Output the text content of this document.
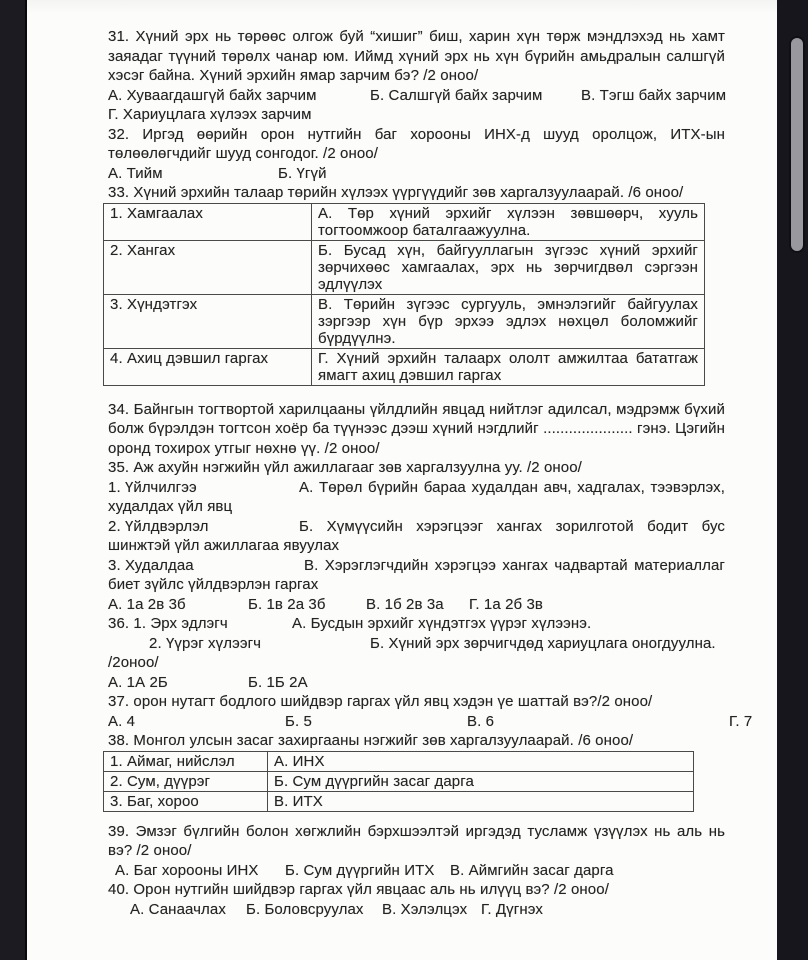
31. Хүний эрх нь төрөөс олгож буй “хишиг” биш, харин хүн төрж мэндлэхэд нь хамт заяадаг түүний төрөлх чанар юм. Иймд хүний эрх нь хүн бүрийн амьдралын салшгүй хэсэг байна. Хүний эрхийн ямар зарчим бэ? /2 оноо/

А. Хуваагдашгүй байх зарчим	Б. Салшгүй байх зарчим	В. Тэгш байх зарчим

Г. Хариуцлага хүлээх зарчим

32. Иргэд өөрийн орон нутгийн баг хорооны ИНХ-д шууд оролцож, ИТХ-ын төлөөлөгчдийг шууд сонгодог. /2 оноо/

А. Тийм	Б. Үгүй

33. Хүний эрхийн талаар төрийн хүлээх үүргүүдийг зөв харгалзуулаарай. /6 оноо/

1. Хамгаалах	А. Төр хүний эрхийг хүлээн зөвшөөрч, хууль тогтоомжоор баталгаажуулна.
2. Хангах	Б. Бусад хүн, байгууллагын зүгээс хүний эрхийг зөрчихөөс хамгаалах, эрх нь зөрчигдвөл сэргээн эдлүүлэх
3. Хүндэтгэх	В. Төрийн зүгээс сургууль, эмнэлэгийг байгуулах зэргээр хүн бүр эрхээ эдлэх нөхцөл боломжийг бүрдүүлнэ.
4. Ахиц дэвшил гаргах	Г. Хүний эрхийн талаарх ололт амжилтаа бататгаж ямагт ахиц дэвшил гаргах

34. Байнгын тогтвортой харилцааны үйлдлийн явцад нийтлэг адилсал, мэдрэмж бүхий болж бүрэлдэн тогтсон хоёр ба түүнээс дээш хүний нэгдлийг ..................... гэнэ. Цэгийн оронд тохирох утгыг нөхнө үү. /2 оноо/

35. Аж ахуйн нэгжийн үйл ажиллагааг зөв харгалзуулна уу. /2 оноо/

1. Үйлчилгээ	А. Төрөл бүрийн бараа худалдан авч, хадгалах, тээвэрлэх, худалдах үйл явц

2. Үйлдвэрлэл	Б. Хүмүүсийн хэрэгцээг хангах зорилготой бодит бус шинжтэй үйл ажиллагаа явуулах

3. Худалдаа	В. Хэрэглэгчдийн хэрэгцээ хангах чадвартай материаллаг биет зүйлс үйлдвэрлэн гаргах

А. 1а 2в 3б	Б. 1в 2а 3б	В. 1б 2в 3а Г. 1а 2б 3в

36. 1. Эрх эдлэгч	А. Бусдын эрхийг хүндэтгэх үүрэг хүлээнэ.

2. Үүрэг хүлээгч	Б. Хүний эрх зөрчигчдөд хариуцлага оногдуулна.

/2оноо/

А. 1А 2Б	Б. 1Б 2А

37. орон нутагт бодлого шийдвэр гаргах үйл явц хэдэн үе шаттай вэ?/2 оноо/

А. 4	Б. 5	В. 6	Г. 7

38. Монгол улсын засаг захиргааны нэгжийг зөв харгалзуулаарай. /6 оноо/

1. Аймаг, нийслэл	А. ИНХ
2. Сум, дүүрэг	Б. Сум дүүргийн засаг дарга
3. Баг, хороо	В. ИТХ

39. Эмзэг бүлгийн болон хөгжлийн бэрхшээлтэй иргэдэд тусламж үзүүлэх нь аль нь вэ? /2 оноо/

А. Баг хорооны ИНХ Б. Сум дүүргийн ИТХ В. Аймгийн засаг дарга

40. Орон нутгийн шийдвэр гаргах үйл явцаас аль нь илүүц вэ? /2 оноо/

А. Санаачлах Б. Боловсруулах В. Хэлэлцэх Г. Дүгнэх
